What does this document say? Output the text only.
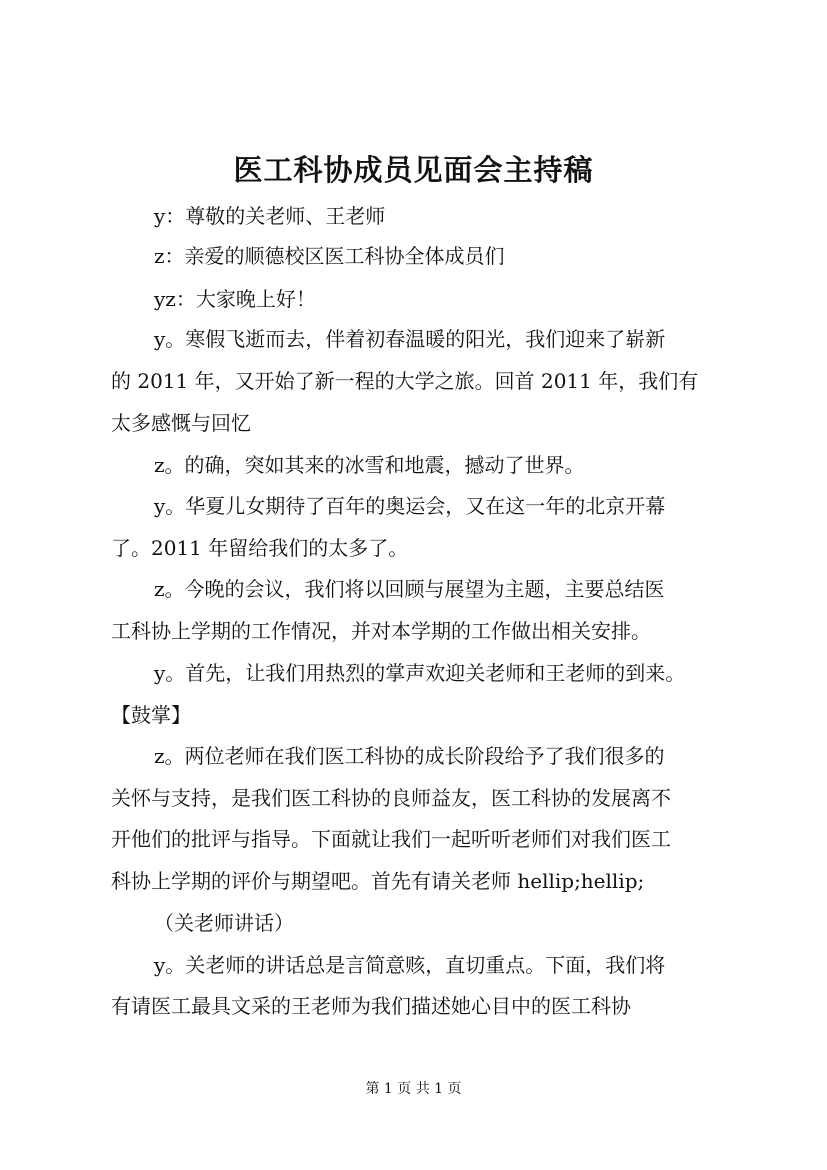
医工科协成员见面会主持稿
y：尊敬的关老师、王老师
z：亲爱的顺德校区医工科协全体成员们
yz：大家晚上好！
y。寒假飞逝而去，伴着初春温暖的阳光，我们迎来了崭新
的 2011 年，又开始了新一程的大学之旅。回首 2011 年，我们有
太多感慨与回忆
z。的确，突如其来的冰雪和地震，撼动了世界。
y。华夏儿女期待了百年的奥运会，又在这一年的北京开幕
了。2011 年留给我们的太多了。
z。今晚的会议，我们将以回顾与展望为主题，主要总结医
工科协上学期的工作情况，并对本学期的工作做出相关安排。
y。首先，让我们用热烈的掌声欢迎关老师和王老师的到来。
【鼓掌】
z。两位老师在我们医工科协的成长阶段给予了我们很多的
关怀与支持，是我们医工科协的良师益友，医工科协的发展离不
开他们的批评与指导。下面就让我们一起听听老师们对我们医工
科协上学期的评价与期望吧。首先有请关老师 hellip;hellip;
（关老师讲话）
y。关老师的讲话总是言简意赅，直切重点。下面，我们将
有请医工最具文采的王老师为我们描述她心目中的医工科协
第 1 页 共 1 页
